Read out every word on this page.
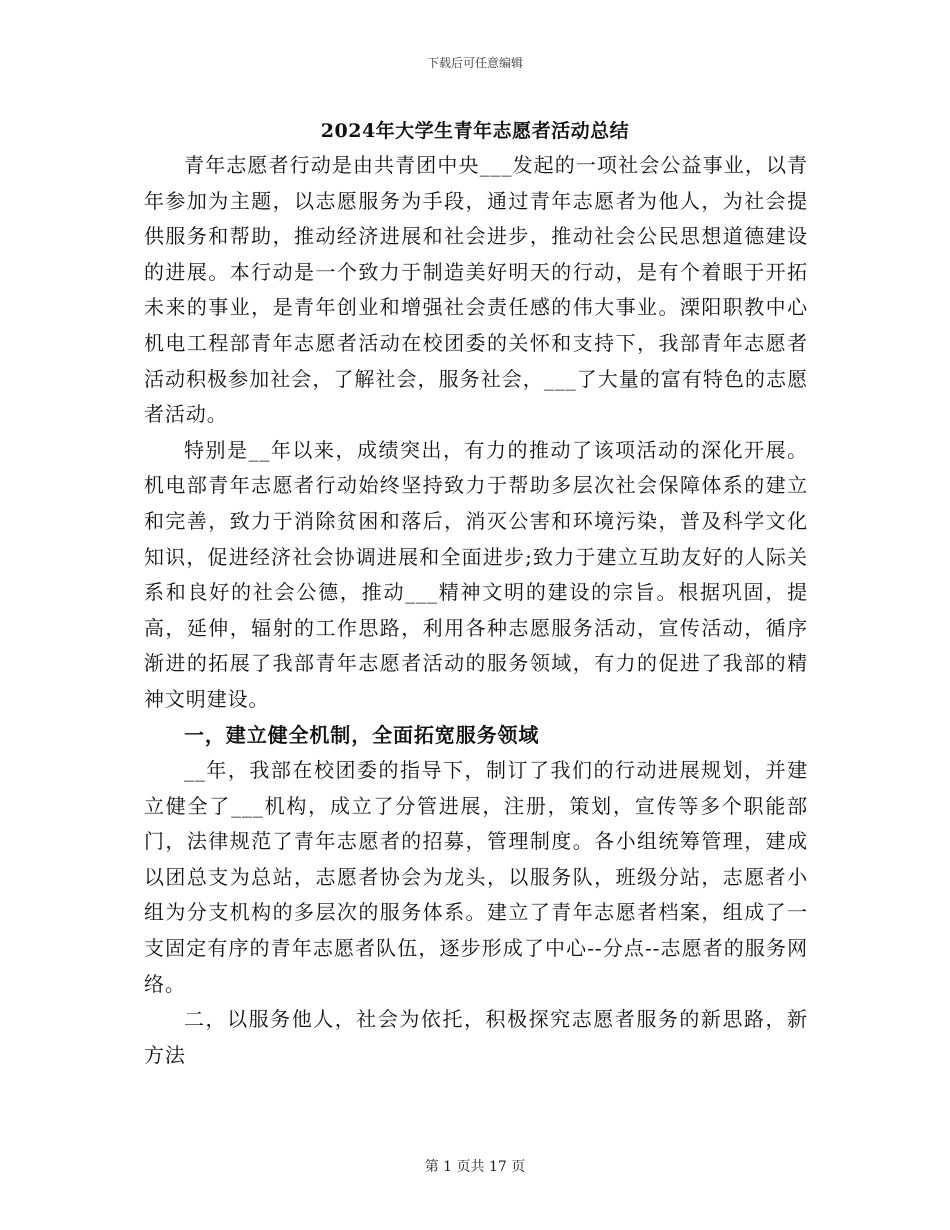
下载后可任意编辑
2024年大学生青年志愿者活动总结

青年志愿者行动是由共青团中央___发起的一项社会公益事业，以青年参加为主题，以志愿服务为手段，通过青年志愿者为他人，为社会提供服务和帮助，推动经济进展和社会进步，推动社会公民思想道德建设的进展。本行动是一个致力于制造美好明天的行动，是有个着眼于开拓未来的事业，是青年创业和增强社会责任感的伟大事业。溧阳职教中心机电工程部青年志愿者活动在校团委的关怀和支持下，我部青年志愿者活动积极参加社会，了解社会，服务社会，___了大量的富有特色的志愿者活动。

特别是__年以来，成绩突出，有力的推动了该项活动的深化开展。机电部青年志愿者行动始终坚持致力于帮助多层次社会保障体系的建立和完善，致力于消除贫困和落后，消灭公害和环境污染，普及科学文化知识，促进经济社会协调进展和全面进步;致力于建立互助友好的人际关系和良好的社会公德，推动___精神文明的建设的宗旨。根据巩固，提高，延伸，辐射的工作思路，利用各种志愿服务活动，宣传活动，循序渐进的拓展了我部青年志愿者活动的服务领域，有力的促进了我部的精神文明建设。

一，建立健全机制，全面拓宽服务领域

__年，我部在校团委的指导下，制订了我们的行动进展规划，并建立健全了___机构，成立了分管进展，注册，策划，宣传等多个职能部门，法律规范了青年志愿者的招募，管理制度。各小组统筹管理，建成以团总支为总站，志愿者协会为龙头，以服务队，班级分站，志愿者小组为分支机构的多层次的服务体系。建立了青年志愿者档案，组成了一支固定有序的青年志愿者队伍，逐步形成了中心--分点--志愿者的服务网络。

二，以服务他人，社会为依托，积极探究志愿者服务的新思路，新方法

第 1 页共 17 页
